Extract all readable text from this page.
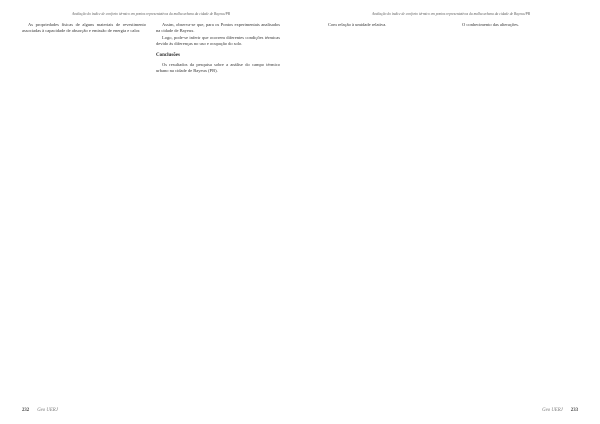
Avaliação do índice de conforto térmico em pontos representativos da malha urbana da cidade de Bayeux/PB

As propriedades físicas de alguns materiais de revestimento associadas à capacidade de absorção e emissão de energia e calor.

Assim, observa-se que, para os Pontos experimentais analisados na cidade de Bayeux.

Logo, pode-se inferir que ocorrem diferentes condições térmicas devido às diferenças no uso e ocupação do solo.

Conclusões

Os resultados da pesquisa sobre a análise do campo térmico urbano na cidade de Bayeux (PB).

232 Geo UERJ
Avaliação do índice de conforto térmico em pontos representativos da malha urbana da cidade de Bayeux/PB

Com relação à umidade relativa.	O conhecimento das alterações.

Geo UERJ 233
